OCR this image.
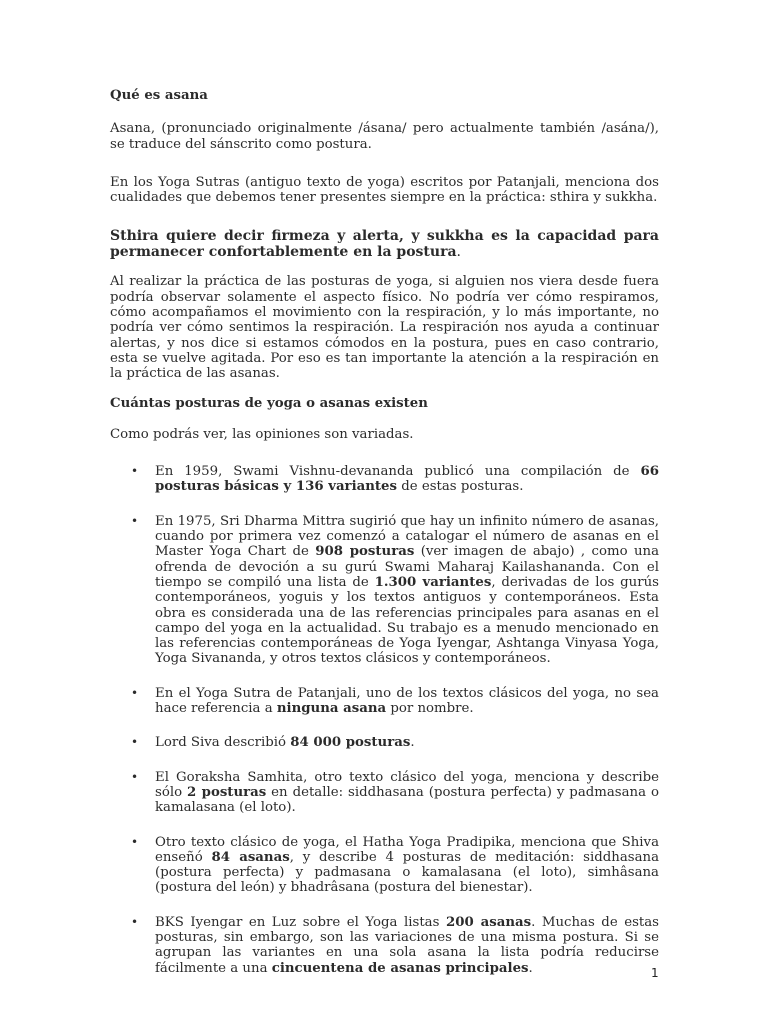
Qué es asana

Asana, (pronunciado originalmente /ásana/ pero actualmente también /asána/), se traduce del sánscrito como postura.

En los Yoga Sutras (antiguo texto de yoga) escritos por Patanjali, menciona dos cualidades que debemos tener presentes siempre en la práctica: sthira y sukkha.

Sthira quiere decir firmeza y alerta, y sukkha es la capacidad para permanecer confortablemente en la postura.

Al realizar la práctica de las posturas de yoga, si alguien nos viera desde fuera podría observar solamente el aspecto físico. No podría ver cómo respiramos, cómo acompañamos el movimiento con la respiración, y lo más importante, no podría ver cómo sentimos la respiración. La respiración nos ayuda a continuar alertas, y nos dice si estamos cómodos en la postura, pues en caso contrario, esta se vuelve agitada. Por eso es tan importante la atención a la respiración en la práctica de las asanas.

Cuántas posturas de yoga o asanas existen

Como podrás ver, las opiniones son variadas.

• En 1959, Swami Vishnu-devananda publicó una compilación de 66 posturas básicas y 136 variantes de estas posturas.
• En 1975, Sri Dharma Mittra sugirió que hay un infinito número de asanas, cuando por primera vez comenzó a catalogar el número de asanas en el Master Yoga Chart de 908 posturas (ver imagen de abajo) , como una ofrenda de devoción a su gurú Swami Maharaj Kailashananda. Con el tiempo se compiló una lista de 1.300 variantes, derivadas de los gurús contemporáneos, yoguis y los textos antiguos y contemporáneos. Esta obra es considerada una de las referencias principales para asanas en el campo del yoga en la actualidad. Su trabajo es a menudo mencionado en las referencias contemporáneas de Yoga Iyengar, Ashtanga Vinyasa Yoga, Yoga Sivananda, y otros textos clásicos y contemporáneos.
• En el Yoga Sutra de Patanjali, uno de los textos clásicos del yoga, no sea hace referencia a ninguna asana por nombre.
• Lord Siva describió 84 000 posturas.
• El Goraksha Samhita, otro texto clásico del yoga, menciona y describe sólo 2 posturas en detalle: siddhasana (postura perfecta) y padmasana o kamalasana (el loto).
• Otro texto clásico de yoga, el Hatha Yoga Pradipika, menciona que Shiva enseñó 84 asanas, y describe 4 posturas de meditación: siddhasana (postura perfecta) y padmasana o kamalasana (el loto), simhâsana (postura del león) y bhadrâsana (postura del bienestar).
• BKS Iyengar en Luz sobre el Yoga listas 200 asanas. Muchas de estas posturas, sin embargo, son las variaciones de una misma postura. Si se agrupan las variantes en una sola asana la lista podría reducirse fácilmente a una cincuentena de asanas principales.	1
